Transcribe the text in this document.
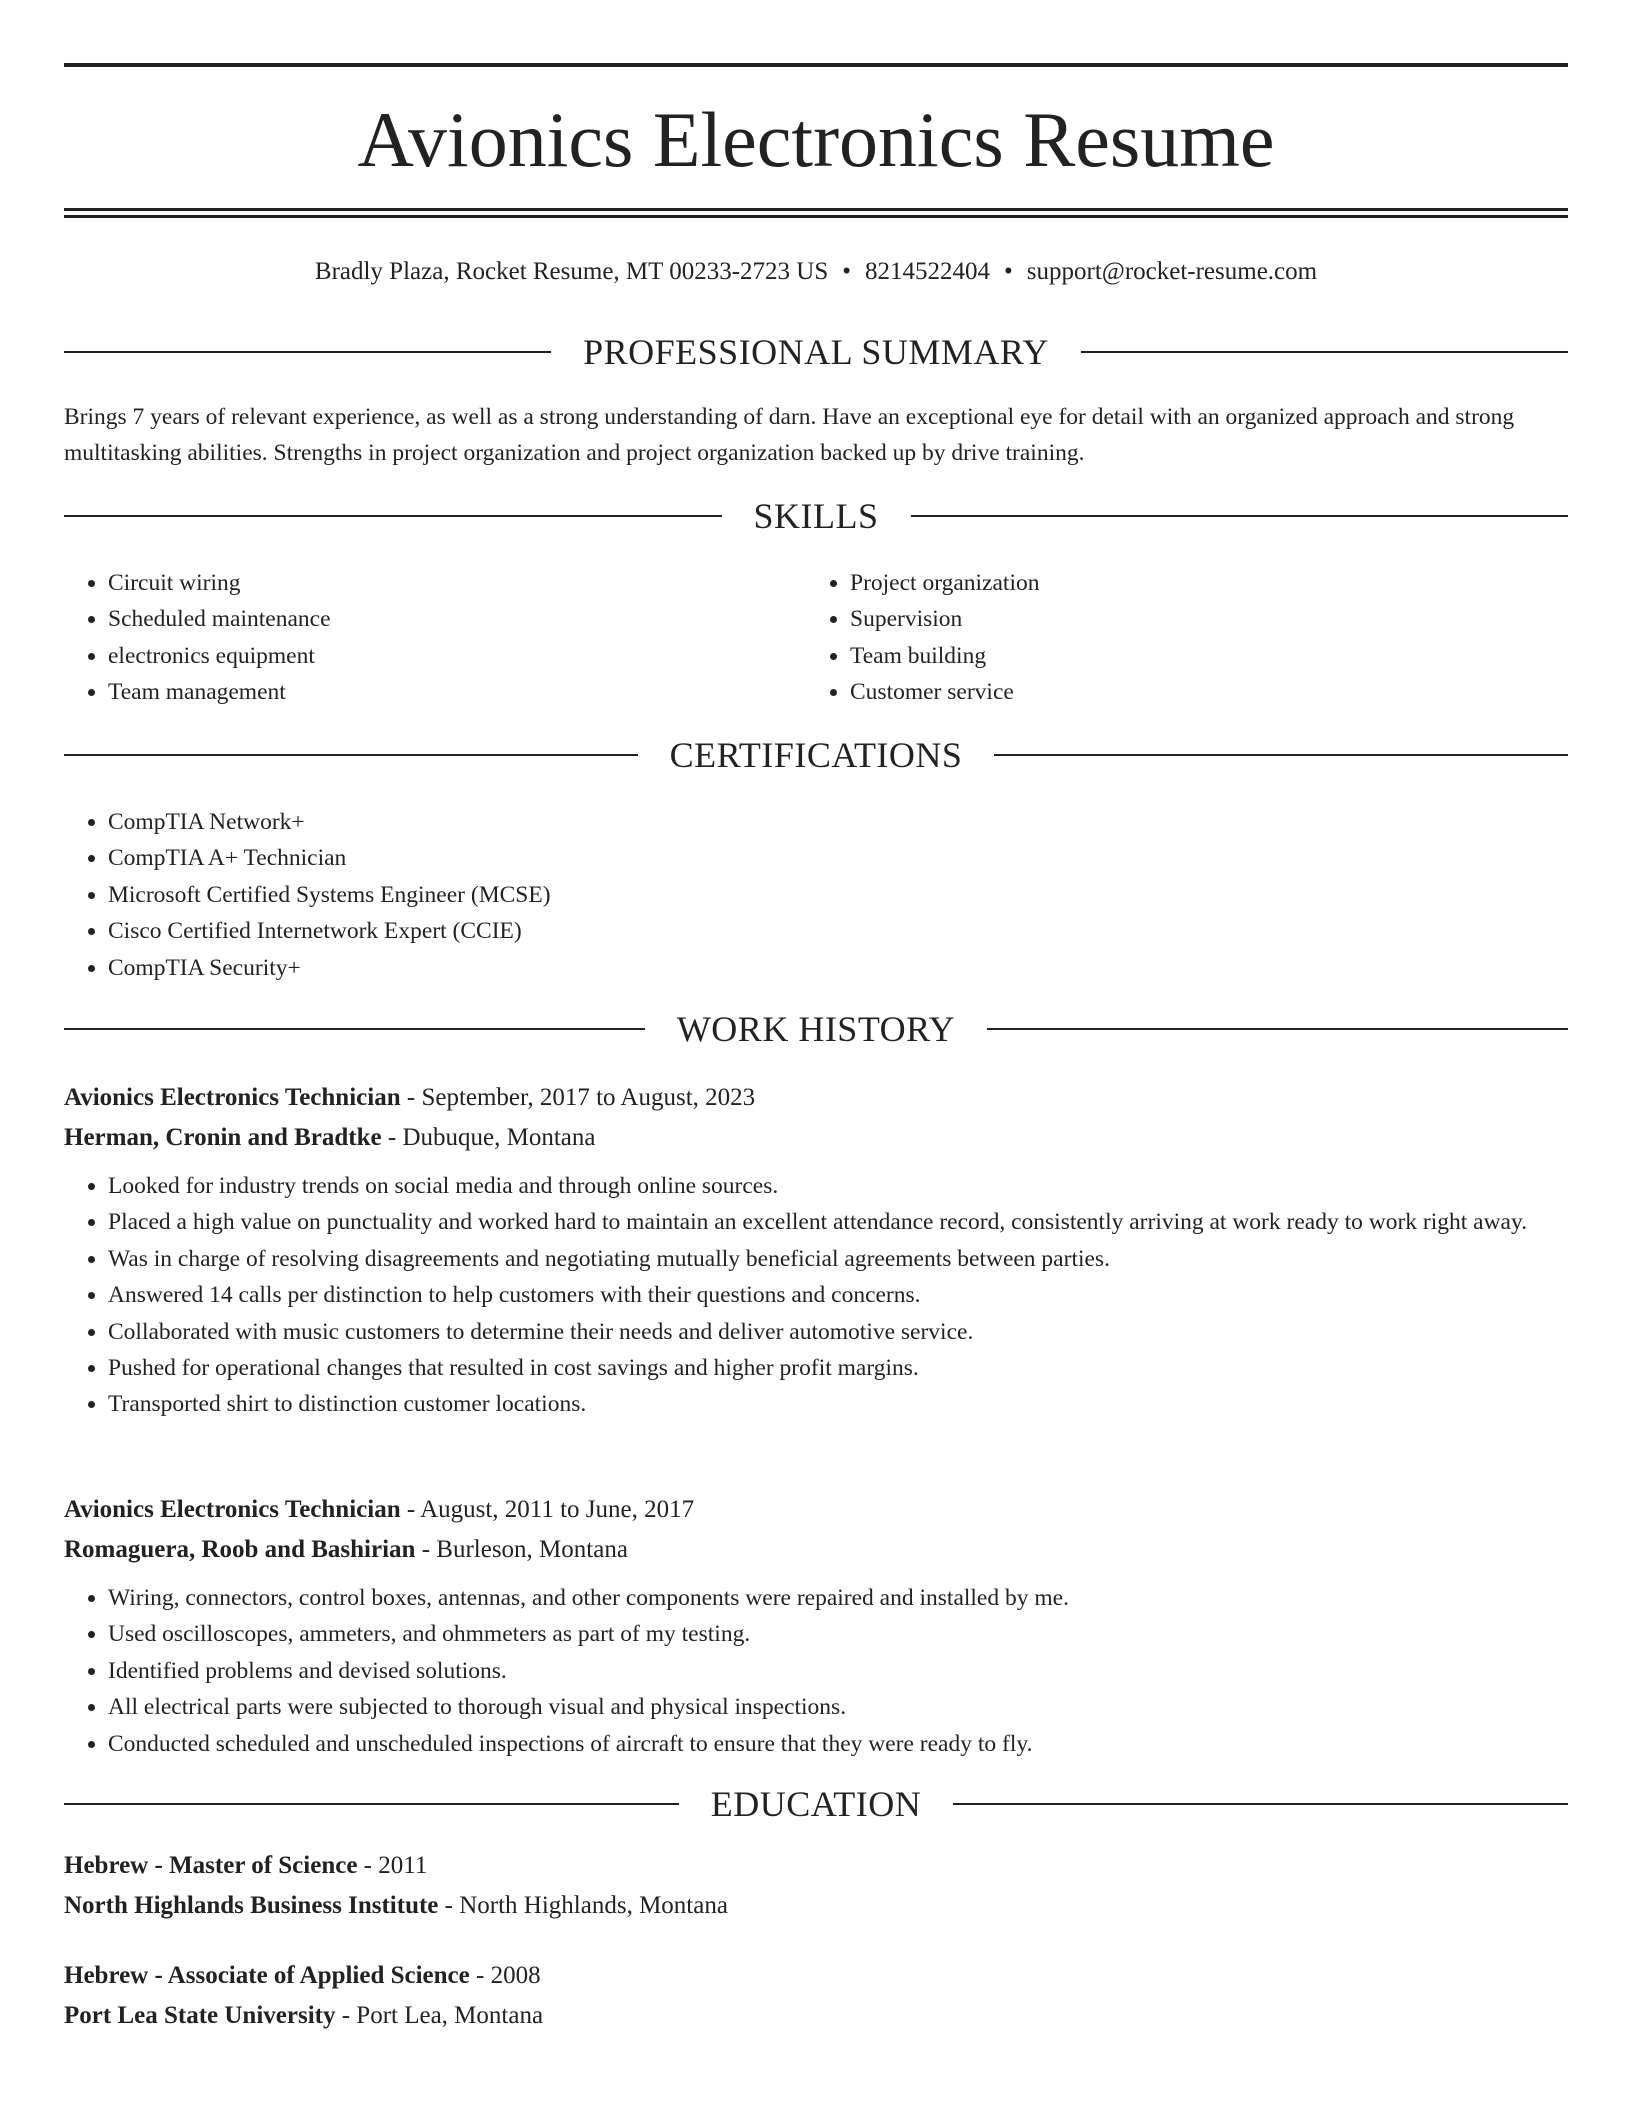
Avionics Electronics Resume
Bradly Plaza, Rocket Resume, MT 00233-2723 US • 8214522404 • support@rocket-resume.com
PROFESSIONAL SUMMARY

Brings 7 years of relevant experience, as well as a strong understanding of darn. Have an exceptional eye for detail with an organized approach and strong multitasking abilities. Strengths in project organization and project organization backed up by drive training.

SKILLS
• Circuit wiring
• Scheduled maintenance
• electronics equipment
• Team management
• Project organization
• Supervision
• Team building
• Customer service
CERTIFICATIONS
• CompTIA Network+
• CompTIA A+ Technician
• Microsoft Certified Systems Engineer (MCSE)
• Cisco Certified Internetwork Expert (CCIE)
• CompTIA Security+
WORK HISTORY
Avionics Electronics Technician - September, 2017 to August, 2023
Herman, Cronin and Bradtke - Dubuque, Montana
• Looked for industry trends on social media and through online sources.
• Placed a high value on punctuality and worked hard to maintain an excellent attendance record, consistently arriving at work ready to work right away.
• Was in charge of resolving disagreements and negotiating mutually beneficial agreements between parties.
• Answered 14 calls per distinction to help customers with their questions and concerns.
• Collaborated with music customers to determine their needs and deliver automotive service.
• Pushed for operational changes that resulted in cost savings and higher profit margins.
• Transported shirt to distinction customer locations.
Avionics Electronics Technician - August, 2011 to June, 2017
Romaguera, Roob and Bashirian - Burleson, Montana
• Wiring, connectors, control boxes, antennas, and other components were repaired and installed by me.
• Used oscilloscopes, ammeters, and ohmmeters as part of my testing.
• Identified problems and devised solutions.
• All electrical parts were subjected to thorough visual and physical inspections.
• Conducted scheduled and unscheduled inspections of aircraft to ensure that they were ready to fly.
EDUCATION
Hebrew - Master of Science - 2011
North Highlands Business Institute - North Highlands, Montana
Hebrew - Associate of Applied Science - 2008
Port Lea State University - Port Lea, Montana
